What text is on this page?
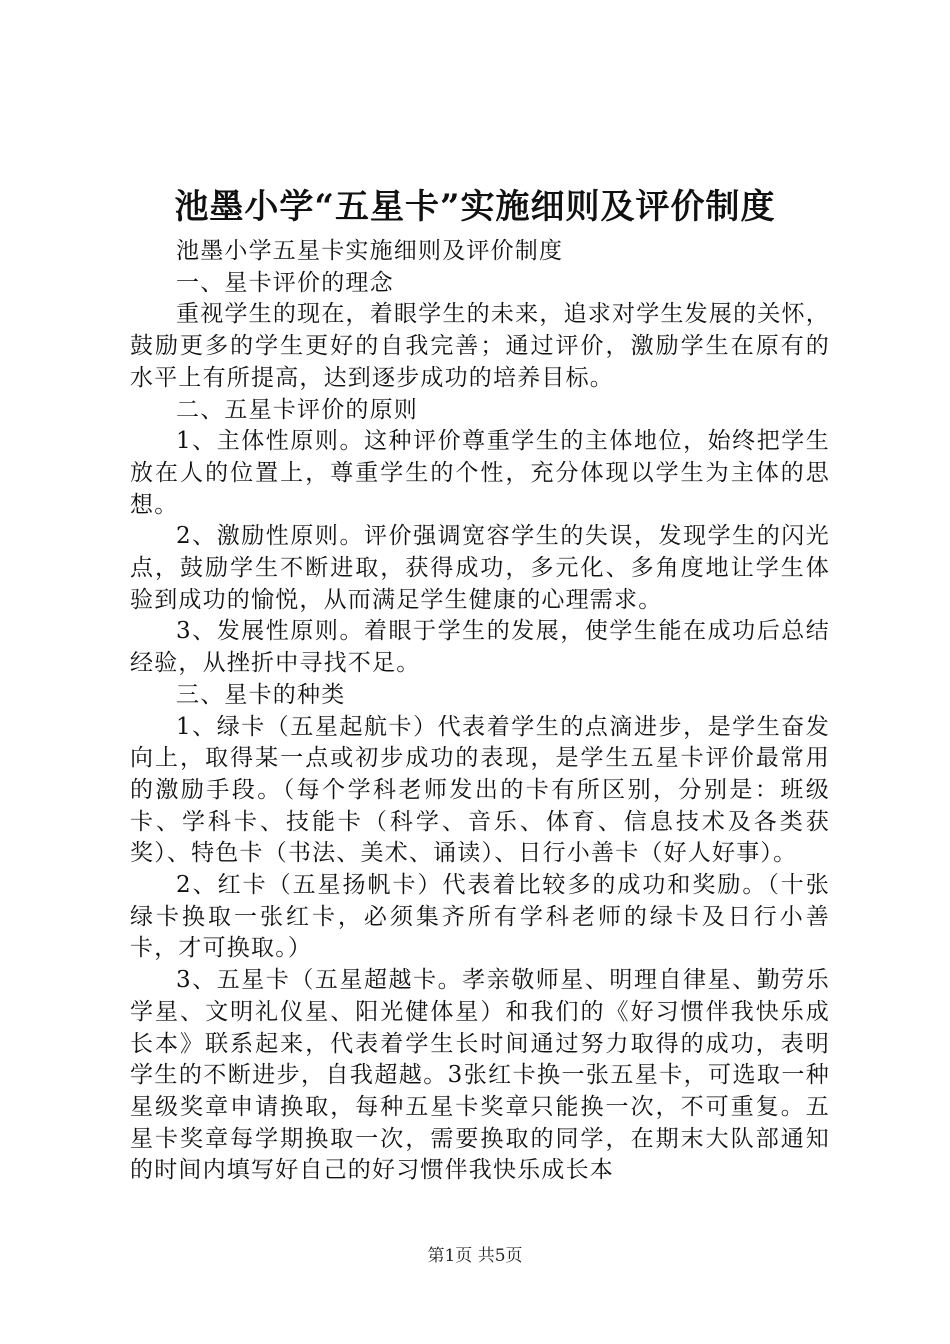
池墨小学“五星卡”实施细则及评价制度

池墨小学五星卡实施细则及评价制度

一、星卡评价的理念

重视学生的现在，着眼学生的未来，追求对学生发展的关怀，鼓励更多的学生更好的自我完善；通过评价，激励学生在原有的水平上有所提高，达到逐步成功的培养目标。

二、五星卡评价的原则

1、主体性原则。这种评价尊重学生的主体地位，始终把学生放在人的位置上，尊重学生的个性，充分体现以学生为主体的思想。

2、激励性原则。评价强调宽容学生的失误，发现学生的闪光点，鼓励学生不断进取，获得成功，多元化、多角度地让学生体验到成功的愉悦，从而满足学生健康的心理需求。

3、发展性原则。着眼于学生的发展，使学生能在成功后总结经验，从挫折中寻找不足。

三、星卡的种类

1、绿卡（五星起航卡）代表着学生的点滴进步，是学生奋发向上，取得某一点或初步成功的表现，是学生五星卡评价最常用的激励手段。（每个学科老师发出的卡有所区别，分别是：班级卡、学科卡、技能卡（科学、音乐、体育、信息技术及各类获奖）、特色卡（书法、美术、诵读）、日行小善卡（好人好事）。

2、红卡（五星扬帆卡）代表着比较多的成功和奖励。（十张绿卡换取一张红卡，必须集齐所有学科老师的绿卡及日行小善卡，才可换取。）

3、五星卡（五星超越卡。孝亲敬师星、明理自律星、勤劳乐学星、文明礼仪星、阳光健体星）和我们的《好习惯伴我快乐成长本》联系起来，代表着学生长时间通过努力取得的成功，表明学生的不断进步，自我超越。3张红卡换一张五星卡，可选取一种星级奖章申请换取，每种五星卡奖章只能换一次，不可重复。五星卡奖章每学期换取一次，需要换取的同学，在期末大队部通知的时间内填写好自己的好习惯伴我快乐成长本

第1页 共5页
